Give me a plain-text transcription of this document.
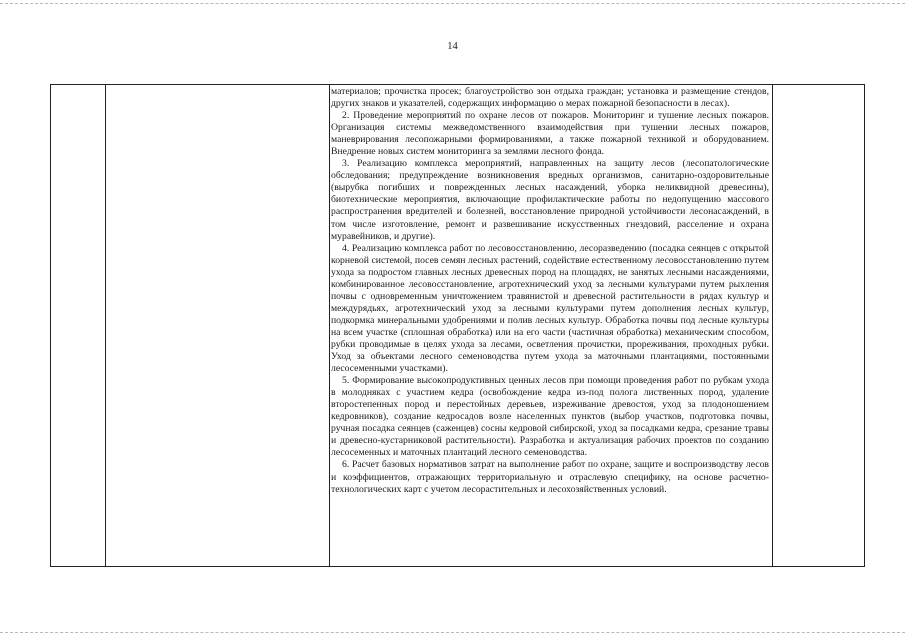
14

материалов; прочистка просек; благоустройство зон отдыха граждан; установка и размещение стендов, других знаков и указателей, содержащих информацию о мерах пожарной безопасности в лесах).

2. Проведение мероприятий по охране лесов от пожаров. Мониторинг и тушение лесных пожаров. Организация системы межведомственного взаимодействия при тушении лесных пожаров, маневрирования лесопожарными формированиями, а также пожарной техникой и оборудованием. Внедрение новых систем мониторинга за землями лесного фонда.

3. Реализацию комплекса мероприятий, направленных на защиту лесов (лесопатологические обследования; предупреждение возникновения вредных организмов, санитарно-оздоровительные (вырубка погибших и поврежденных лесных насаждений, уборка неликвидной древесины), биотехнические мероприятия, включающие профилактические работы по недопущению массового распространения вредителей и болезней, восстановление природной устойчивости лесонасаждений, в том числе изготовление, ремонт и развешивание искусственных гнездовий, расселение и охрана муравейников, и другие).

4. Реализацию комплекса работ по лесовосстановлению, лесоразведению (посадка сеянцев с открытой корневой системой, посев семян лесных растений, содействие естественному лесовосстановлению путем ухода за подростом главных лесных древесных пород на площадях, не занятых лесными насаждениями, комбинированное лесовосстановление, агротехнический уход за лесными культурами путем рыхления почвы с одновременным уничтожением травянистой и древесной растительности в рядах культур и междурядьях, агротехнический уход за лесными культурами путем дополнения лесных культур, подкормка минеральными удобрениями и полив лесных культур. Обработка почвы под лесные культуры на всем участке (сплошная обработка) или на его части (частичная обработка) механическим способом, рубки проводимые в целях ухода за лесами, осветления прочистки, прореживания, проходных рубки. Уход за объектами лесного семеноводства путем ухода за маточными плантациями, постоянными лесосеменными участками).

5. Формирование высокопродуктивных ценных лесов при помощи проведения работ по рубкам ухода в молодняках с участием кедра (освобождение кедра из-под полога лиственных пород, удаление второстепенных пород и перестойных деревьев, изреживание древостоя, уход за плодоношением кедровников), создание кедросадов возле населенных пунктов (выбор участков, подготовка почвы, ручная посадка сеянцев (саженцев) сосны кедровой сибирской, уход за посадками кедра, срезание травы и древесно-кустарниковой растительности). Разработка и актуализация рабочих проектов по созданию лесосеменных и маточных плантаций лесного семеноводства.

6. Расчет базовых нормативов затрат на выполнение работ по охране, защите и воспроизводству лесов и коэффициентов, отражающих территориальную и отраслевую специфику, на основе расчетно-технологических карт с учетом лесорастительных и лесохозяйственных условий.
